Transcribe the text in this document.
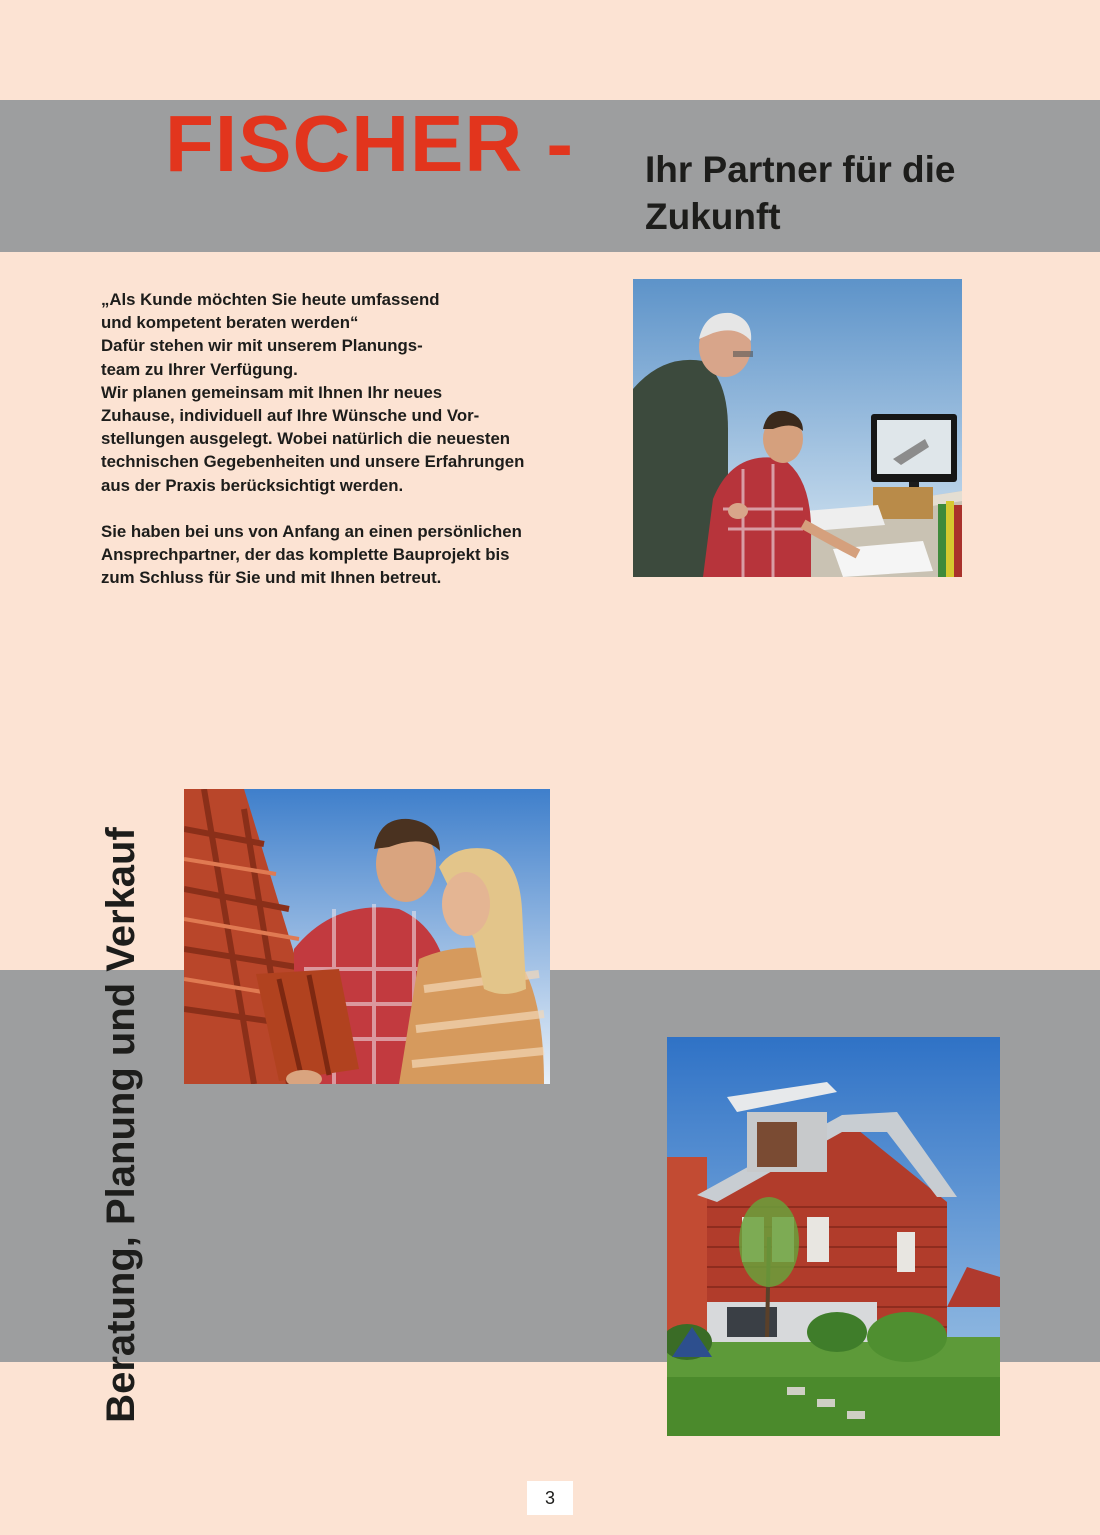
FISCHER - Ihr Partner für die Zukunft

„Als Kunde möchten Sie heute umfassend
und kompetent beraten werden“
Dafür stehen wir mit unserem Planungs-
team zu Ihrer Verfügung.
Wir planen gemeinsam mit Ihnen Ihr neues
Zuhause, individuell auf Ihre Wünsche und Vor-
stellungen ausgelegt. Wobei natürlich die neuesten
technischen Gegebenheiten und unsere Erfahrungen
aus der Praxis berücksichtigt werden.

Sie haben bei uns von Anfang an einen persönlichen
Ansprechpartner, der das komplette Bauprojekt bis
zum Schluss für Sie und mit Ihnen betreut.

Beratung, Planung und Verkauf
3
